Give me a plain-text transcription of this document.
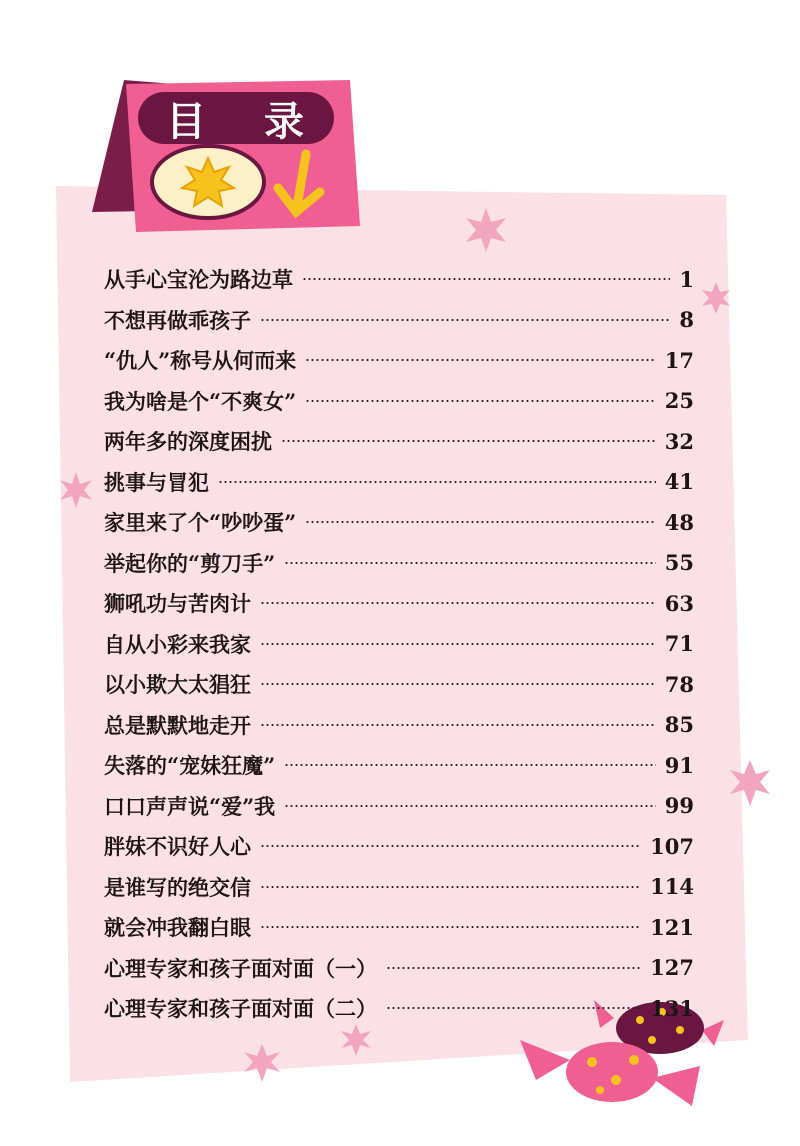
目 录
从手心宝沦为路边草	1
不想再做乖孩子	8
“仇人”称号从何而来	17
我为啥是个“不爽女”	25
两年多的深度困扰	32
挑事与冒犯	41
家里来了个“吵吵蛋”	48
举起你的“剪刀手”	55
狮吼功与苦肉计	63
自从小彩来我家	71
以小欺大太猖狂	78
总是默默地走开	85
失落的“宠妹狂魔”	91
口口声声说“爱”我	99
胖妹不识好人心	107
是谁写的绝交信	114
就会冲我翻白眼	121
心理专家和孩子面对面（一）	127
心理专家和孩子面对面（二）	131
